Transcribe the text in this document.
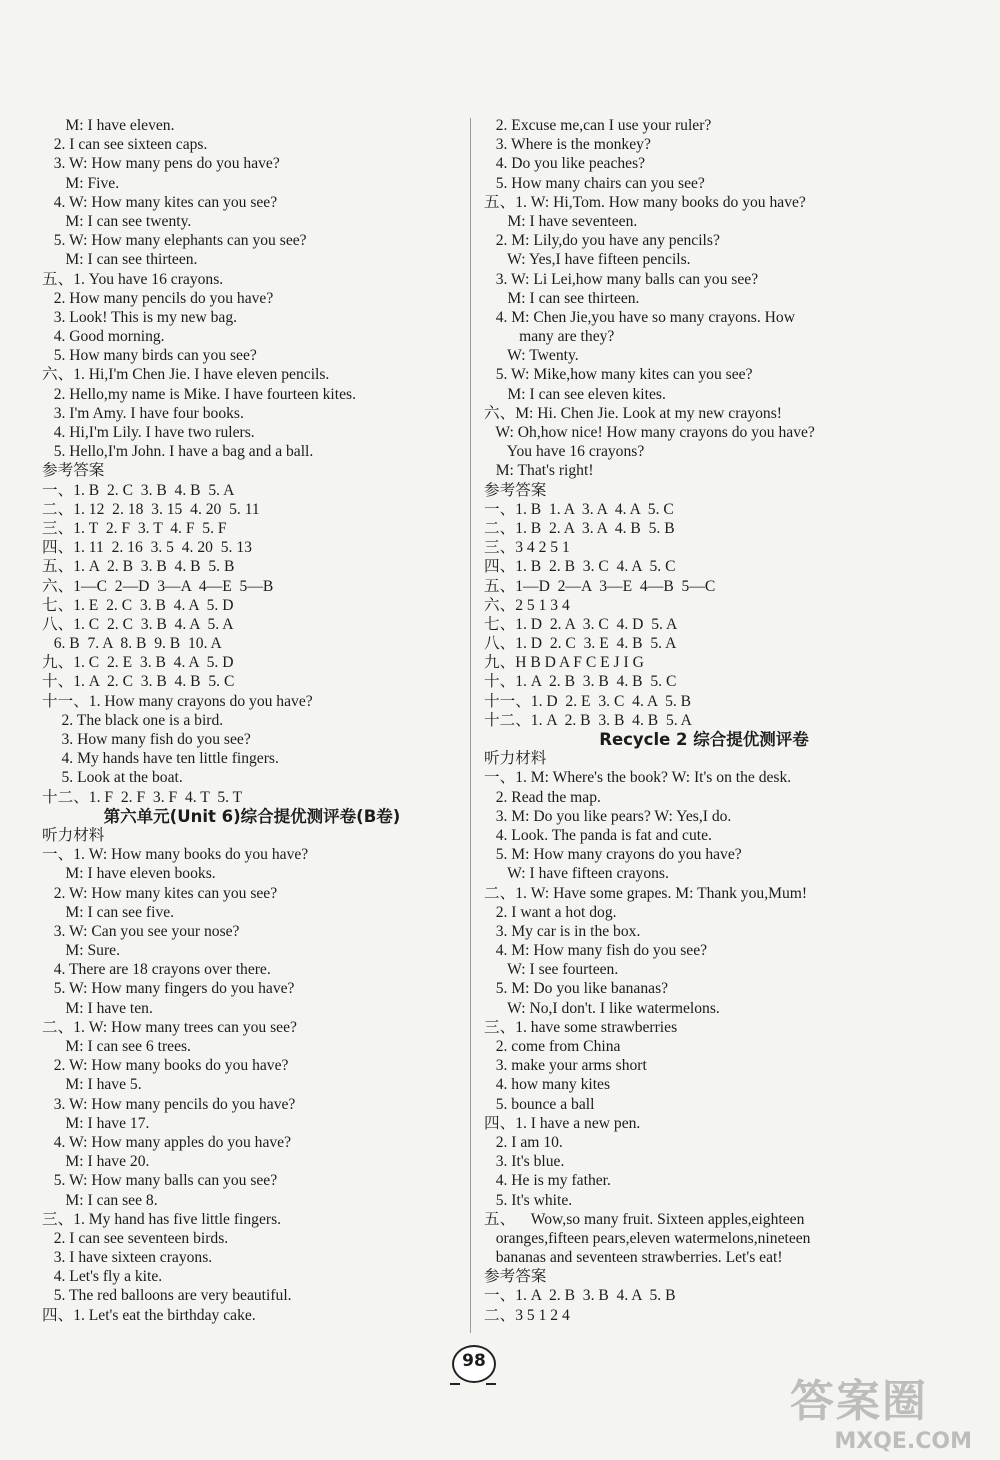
M: I have eleven.
2. I can see sixteen caps.
3. W: How many pens do you have?
M: Five.
4. W: How many kites can you see?
M: I can see twenty.
5. W: How many elephants can you see?
M: I can see thirteen.
五、1. You have 16 crayons.
2. How many pencils do you have?
3. Look! This is my new bag.
4. Good morning.
5. How many birds can you see?
六、1. Hi,I'm Chen Jie. I have eleven pencils.
2. Hello,my name is Mike. I have fourteen kites.
3. I'm Amy. I have four books.
4. Hi,I'm Lily. I have two rulers.
5. Hello,I'm John. I have a bag and a ball.
参考答案
一、1. B  2. C  3. B  4. B  5. A
二、1. 12  2. 18  3. 15  4. 20  5. 11
三、1. T  2. F  3. T  4. F  5. F
四、1. 11  2. 16  3. 5  4. 20  5. 13
五、1. A  2. B  3. B  4. B  5. B
六、1—C  2—D  3—A  4—E  5—B
七、1. E  2. C  3. B  4. A  5. D
八、1. C  2. C  3. B  4. A  5. A
6. B  7. A  8. B  9. B  10. A
九、1. C  2. E  3. B  4. A  5. D
十、1. A  2. C  3. B  4. B  5. C
十一、1. How many crayons do you have?
2. The black one is a bird.
3. How many fish do you see?
4. My hands have ten little fingers.
5. Look at the boat.
十二、1. F  2. F  3. F  4. T  5. T
第六单元(Unit 6)综合提优测评卷(B卷)
听力材料
一、1. W: How many books do you have?
M: I have eleven books.
2. W: How many kites can you see?
M: I can see five.
3. W: Can you see your nose?
M: Sure.
4. There are 18 crayons over there.
5. W: How many fingers do you have?
M: I have ten.
二、1. W: How many trees can you see?
M: I can see 6 trees.
2. W: How many books do you have?
M: I have 5.
3. W: How many pencils do you have?
M: I have 17.
4. W: How many apples do you have?
M: I have 20.
5. W: How many balls can you see?
M: I can see 8.
三、1. My hand has five little fingers.
2. I can see seventeen birds.
3. I have sixteen crayons.
4. Let's fly a kite.
5. The red balloons are very beautiful.
四、1. Let's eat the birthday cake.
2. Excuse me,can I use your ruler?
3. Where is the monkey?
4. Do you like peaches?
5. How many chairs can you see?
五、1. W: Hi,Tom. How many books do you have?
M: I have seventeen.
2. M: Lily,do you have any pencils?
W: Yes,I have fifteen pencils.
3. W: Li Lei,how many balls can you see?
M: I can see thirteen.
4. M: Chen Jie,you have so many crayons. How
many are they?
W: Twenty.
5. W: Mike,how many kites can you see?
M: I can see eleven kites.
六、M: Hi. Chen Jie. Look at my new crayons!
W: Oh,how nice! How many crayons do you have?
You have 16 crayons?
M: That's right!
参考答案
一、1. B  1. A  3. A  4. A  5. C
二、1. B  2. A  3. A  4. B  5. B
三、3 4 2 5 1
四、1. B  2. B  3. C  4. A  5. C
五、1—D  2—A  3—E  4—B  5—C
六、2 5 1 3 4
七、1. D  2. A  3. C  4. D  5. A
八、1. D  2. C  3. E  4. B  5. A
九、H B D A F C E J I G
十、1. A  2. B  3. B  4. B  5. C
十一、1. D  2. E  3. C  4. A  5. B
十二、1. A  2. B  3. B  4. B  5. A
Recycle 2 综合提优测评卷
听力材料
一、1. M: Where's the book? W: It's on the desk.
2. Read the map.
3. M: Do you like pears? W: Yes,I do.
4. Look. The panda is fat and cute.
5. M: How many crayons do you have?
W: I have fifteen crayons.
二、1. W: Have some grapes. M: Thank you,Mum!
2. I want a hot dog.
3. My car is in the box.
4. M: How many fish do you see?
W: I see fourteen.
5. M: Do you like bananas?
W: No,I don't. I like watermelons.
三、1. have some strawberries
2. come from China
3. make your arms short
4. how many kites
5. bounce a ball
四、1. I have a new pen.
2. I am 10.
3. It's blue.
4. He is my father.
5. It's white.
五、    Wow,so many fruit. Sixteen apples,eighteen
oranges,fifteen pears,eleven watermelons,nineteen
bananas and seventeen strawberries. Let's eat!
参考答案
一、1. A  2. B  3. B  4. A  5. B
二、3 5 1 2 4
98
答案圈
MXQE.COM
